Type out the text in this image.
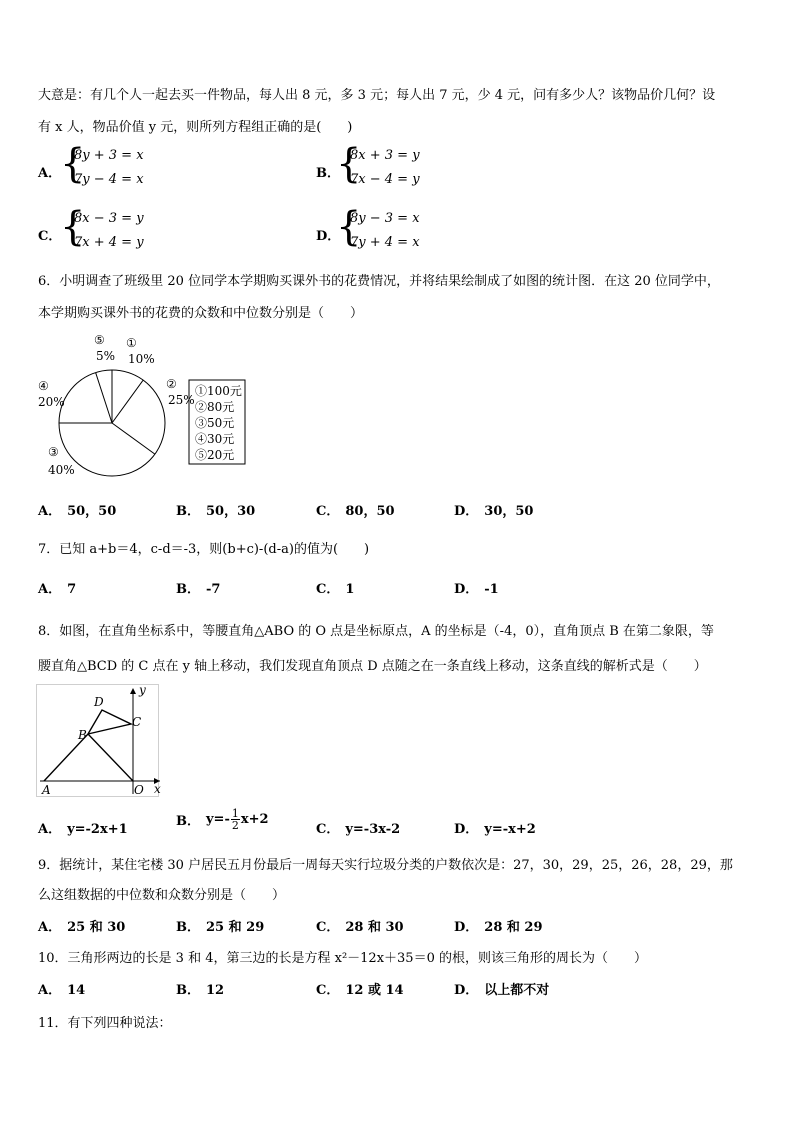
大意是：有几个人一起去买一件物品，每人出 8 元，多 3 元；每人出 7 元，少 4 元，问有多少人？该物品价几何？设
有 x 人，物品价值 y 元，则所列方程组正确的是(　　)
A．
{
8y + 3 = x
7y − 4 = x	B．
{
8x + 3 = y
7x − 4 = y
C．
{
8x − 3 = y
7x + 4 = y	D．
{
8y − 3 = x
7y + 4 = x
6．小明调查了班级里 20 位同学本学期购买课外书的花费情况，并将结果绘制成了如图的统计图．在这 20 位同学中，
本学期购买课外书的花费的众数和中位数分别是（　　）
⑤
5%
①
10%
②
25%
④
20%
③
40%
①100元
②80元
③50元
④30元
⑤20元
A． 50，50	B． 50，30	C． 80，50	D． 30，50
7．已知 a+b＝4，c-d＝-3，则(b+c)-(d-a)的值为(　　)
A． 7	B． -7	C． 1	D． -1
8．如图，在直角坐标系中，等腰直角△ABO 的 O 点是坐标原点，A 的坐标是（-4，0），直角顶点 B 在第二象限，等
腰直角△BCD 的 C 点在 y 轴上移动，我们发现直角顶点 D 点随之在一条直线上移动，这条直线的解析式是（　　）
A
B
C
D
O x
y
A． y=-2x+1
B． $y=- \frac{1}{2} x+2$
C． y=-3x-2	D． y=-x+2
9．据统计，某住宅楼 30 户居民五月份最后一周每天实行垃圾分类的户数依次是：27，30，29，25，26，28，29，那
么这组数据的中位数和众数分别是（　　）
A． 25 和 30	B． 25 和 29	C． 28 和 30	D． 28 和 29
10．三角形两边的长是 3 和 4，第三边的长是方程 x²－12x＋35＝0 的根，则该三角形的周长为（　　）
A． 14	B． 12	C． 12 或 14	D． 以上都不对
11．有下列四种说法：
